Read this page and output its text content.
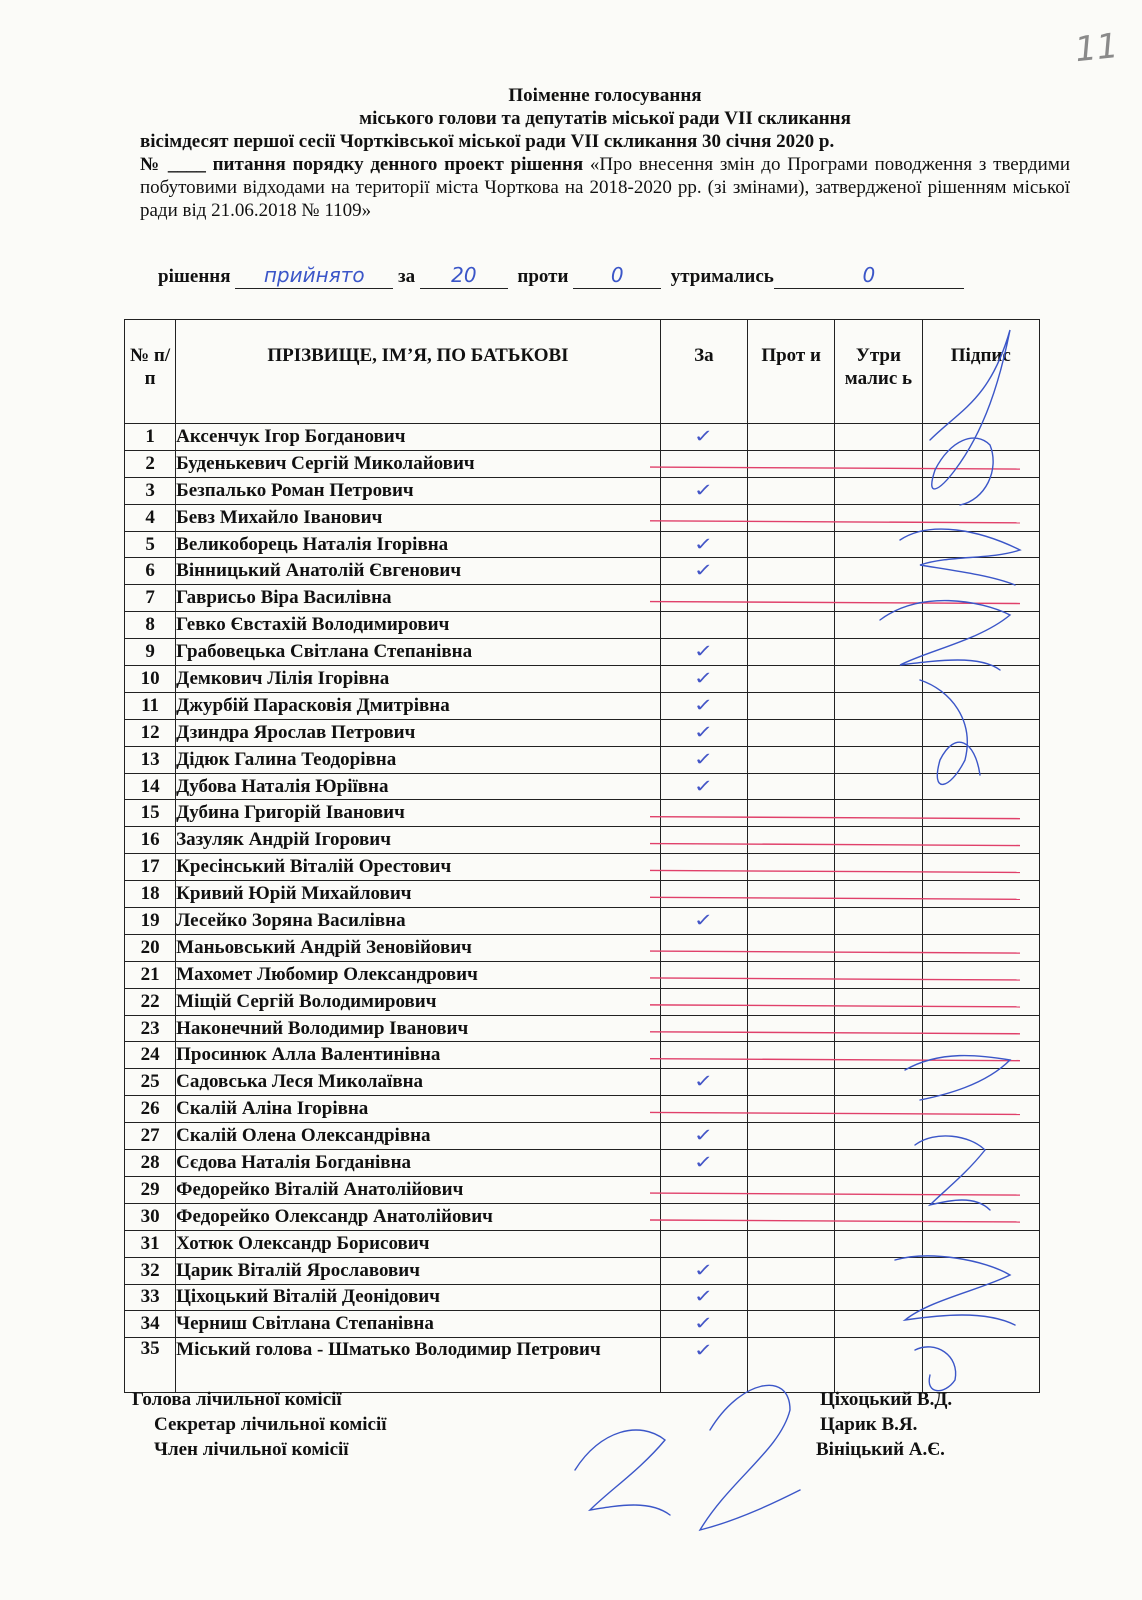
11
Поіменне голосування
міського голови та депутатів міської ради VII скликання
вісімдесят першої сесії Чортківської міської ради VII скликання 30 січня 2020 р.
№ ____ питання порядку денного проект рішення «Про внесення змін до Програми поводження з твердими побутовими відходами на території міста Чорткова на 2018-2020 рр. (зі змінами), затвердженої рішенням міської ради від 21.06.2018 № 1109»
рішення прийнято за 20 проти 0 утримались	0
№ п/п	ПРІЗВИЩЕ, ІМ’Я, ПО БАТЬКОВІ	За	Прот и	Утри малис ь	Підпис
1	Аксенчук Ігор Богданович	✓			
2	Буденькевич Сергій Миколайович				
3	Безпалько Роман Петрович	✓			
4	Бевз Михайло Іванович				
5	Великоборець Наталія Ігорівна	✓			
6	Вінницький Анатолій Євгенович	✓			
7	Гаврисьо Віра Василівна				
8	Гевко Євстахій Володимирович				
9	Грабовецька Світлана Степанівна	✓			
10	Демкович Лілія Ігорівна	✓			
11	Джурбій Парасковія Дмитрівна	✓			
12	Дзиндра Ярослав Петрович	✓			
13	Дідюк Галина Теодорівна	✓			
14	Дубова Наталія Юріївна	✓			
15	Дубина Григорій Іванович				
16	Зазуляк Андрій Ігорович				
17	Кресінський Віталій Орестович				
18	Кривий Юрій Михайлович				
19	Лесейко Зоряна Василівна	✓			
20	Маньовський Андрій Зеновійович				
21	Махомет Любомир Олександрович				
22	Міщій Сергій Володимирович				
23	Наконечний Володимир Іванович				
24	Просинюк Алла Валентинівна				
25	Садовська Леся Миколаївна	✓			
26	Скалій Аліна Ігорівна				
27	Скалій Олена Олександрівна	✓			
28	Сєдова Наталія Богданівна	✓			
29	Федорейко Віталій Анатолійович				
30	Федорейко Олександр Анатолійович				
31	Хотюк Олександр Борисович				
32	Царик Віталій Ярославович	✓			
33	Ціхоцький Віталій Деонідович	✓			
34	Черниш Світлана Степанівна	✓			
35	Міський голова - Шматько Володимир Петрович	✓			
Голова лічильної комісії	Ціхоцький В.Д.
Секретар лічильної комісії	Царик В.Я.
Член лічильної комісії	Вініцький А.Є.
